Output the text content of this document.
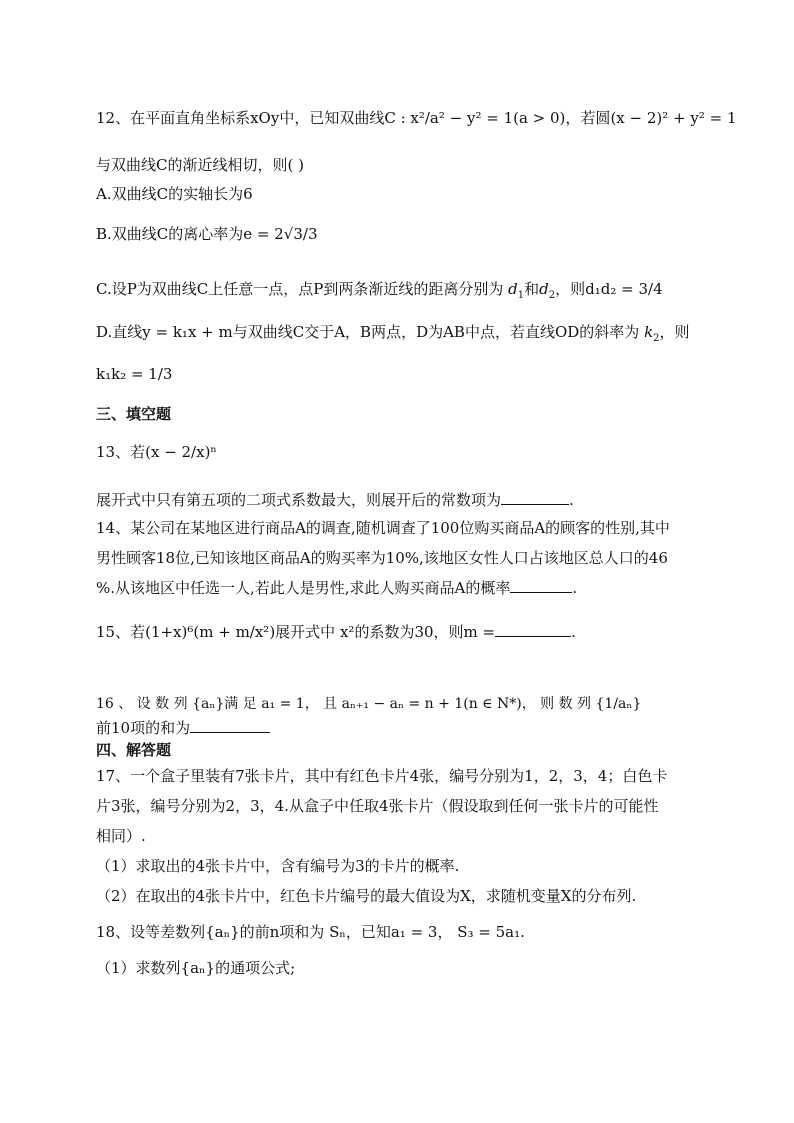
12、在平面直角坐标系xOy中，已知双曲线C : x²/a² − y² = 1(a > 0)，若圆(x − 2)² + y² = 1
与双曲线C的渐近线相切，则( )
A.双曲线C的实轴长为6
B.双曲线C的离心率为e = 2√3/3
C.设P为双曲线C上任意一点，点P到两条渐近线的距离分别为 $d_1$和$d_2$，则d₁d₂ = 3/4
D.直线y = k₁x + m与双曲线C交于A，B两点，D为AB中点，若直线OD的斜率为 $k_2$，则
k₁k₂ = 1/3
三、填空题
13、若(x − 2/x)ⁿ
展开式中只有第五项的二项式系数最大，则展开后的常数项为	.
14、某公司在某地区进行商品A的调查,随机调查了100位购买商品A的顾客的性别,其中
男性顾客18位,已知该地区商品A的购买率为10%,该地区女性人口占该地区总人口的46
%.从该地区中任选一人,若此人是男性,求此人购买商品A的概率	.
15、若(1+x)⁶(m + m/x²)展开式中 x²的系数为30，则m =	.
16 、 设 数 列 {aₙ}满 足 a₁ = 1， 且 aₙ₊₁ − aₙ = n + 1(n ∈ N*)， 则 数 列 {1/aₙ}
前10项的和为
四、解答题
17、一个盒子里装有7张卡片，其中有红色卡片4张，编号分别为1，2，3，4；白色卡
片3张，编号分别为2，3，4.从盒子中任取4张卡片（假设取到任何一张卡片的可能性
相同）.
（1）求取出的4张卡片中，含有编号为3的卡片的概率.
（2）在取出的4张卡片中，红色卡片编号的最大值设为X，求随机变量X的分布列.
18、设等差数列{aₙ}的前n项和为 Sₙ，已知a₁ = 3， S₃ = 5a₁.
（1）求数列{aₙ}的通项公式;
